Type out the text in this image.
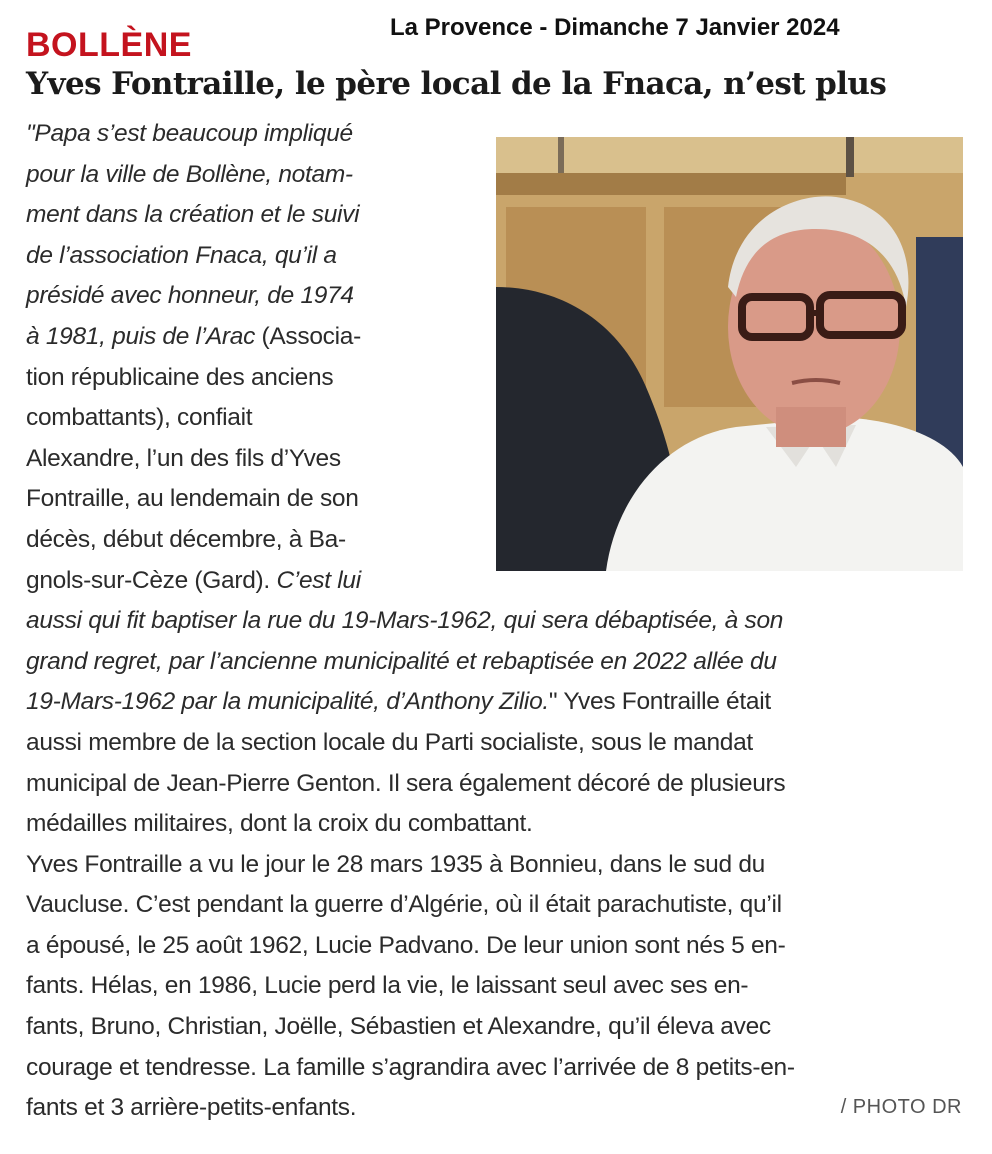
La Provence - Dimanche 7 Janvier 2024
BOLLÈNE
Yves Fontraille, le père local de la Fnaca, n’est plus
"Papa s’est beaucoup impliqué
pour la ville de Bollène, notam-
ment dans la création et le suivi
de l’association Fnaca, qu’il a
présidé avec honneur, de 1974
à 1981, puis de l’Arac (Associa-
tion républicaine des anciens
combattants), confiait
Alexandre, l’un des fils d’Yves
Fontraille, au lendemain de son
décès, début décembre, à Ba-
gnols-sur-Cèze (Gard). C’est lui
aussi qui fit baptiser la rue du 19-Mars-1962, qui sera débaptisée, à son
grand regret, par l’ancienne municipalité et rebaptisée en 2022 allée du
19-Mars-1962 par la municipalité, d’Anthony Zilio." Yves Fontraille était
aussi membre de la section locale du Parti socialiste, sous le mandat
municipal de Jean-Pierre Genton. Il sera également décoré de plusieurs
médailles militaires, dont la croix du combattant.
Yves Fontraille a vu le jour le 28 mars 1935 à Bonnieu, dans le sud du
Vaucluse. C’est pendant la guerre d’Algérie, où il était parachutiste, qu’il
a épousé, le 25 août 1962, Lucie Padvano. De leur union sont nés 5 en-
fants. Hélas, en 1986, Lucie perd la vie, le laissant seul avec ses en-
fants, Bruno, Christian, Joëlle, Sébastien et Alexandre, qu’il éleva avec
courage et tendresse. La famille s’agrandira avec l’arrivée de 8 petits-en-
fants et 3 arrière-petits-enfants.	/ PHOTO DR
